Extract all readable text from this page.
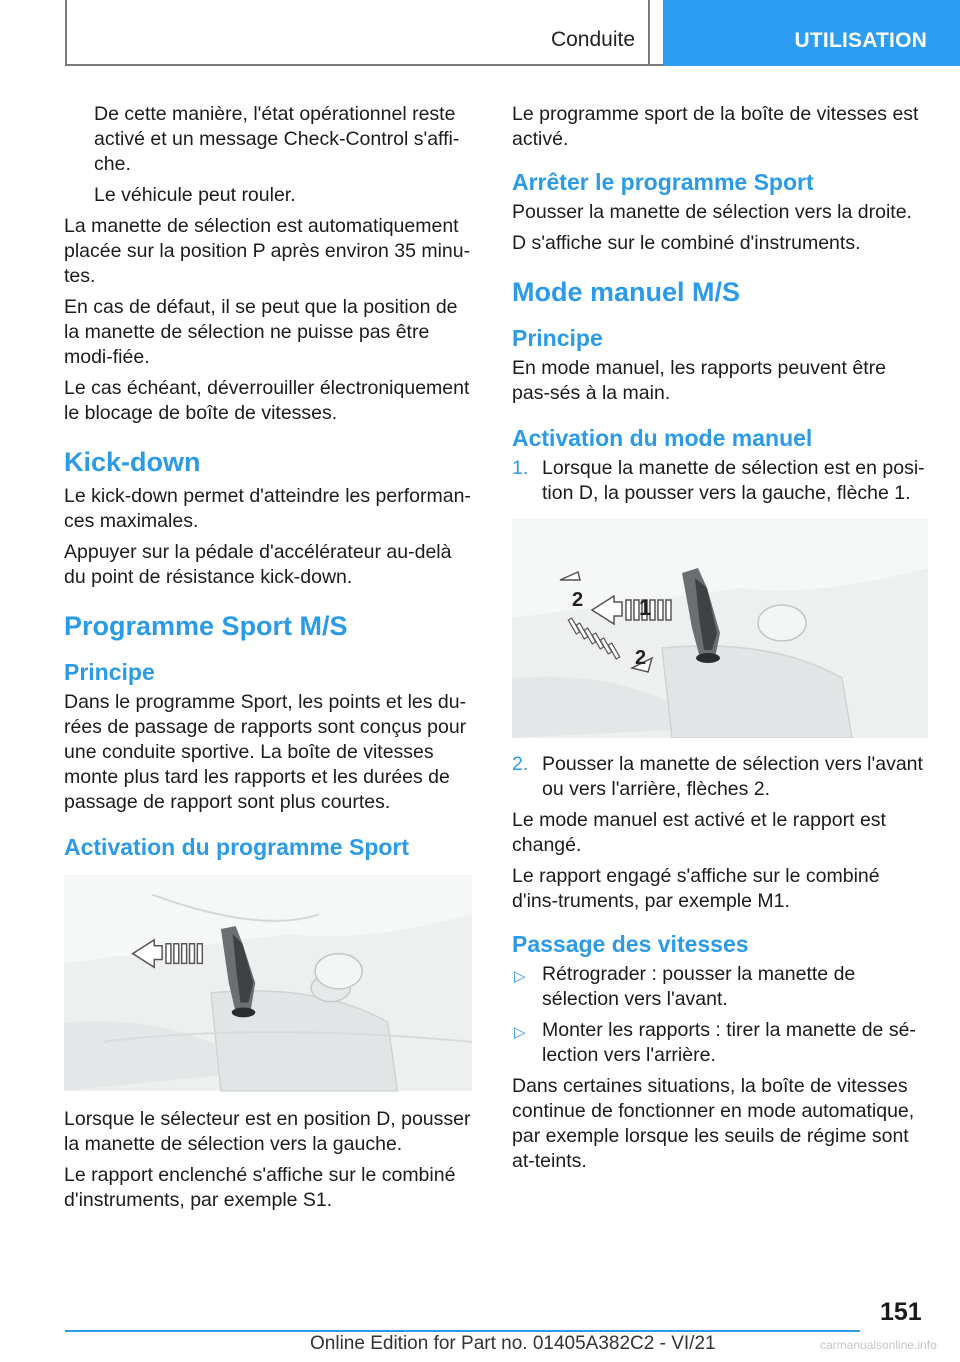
Conduite	UTILISATION

De cette manière, l'état opérationnel reste activé et un message Check-Control s'affi-che.

Le véhicule peut rouler.

La manette de sélection est automatiquement placée sur la position P après environ 35 minu-tes.

En cas de défaut, il se peut que la position de la manette de sélection ne puisse pas être modi-fiée.

Le cas échéant, déverrouiller électroniquement le blocage de boîte de vitesses.

Kick-down

Le kick-down permet d'atteindre les performan-ces maximales.

Appuyer sur la pédale d'accélérateur au-delà du point de résistance kick-down.

Programme Sport M/S
Principe

Dans le programme Sport, les points et les du-rées de passage de rapports sont conçus pour une conduite sportive. La boîte de vitesses monte plus tard les rapports et les durées de passage de rapport sont plus courtes.

Activation du programme Sport

Lorsque le sélecteur est en position D, pousser la manette de sélection vers la gauche.

Le rapport enclenché s'affiche sur le combiné d'instruments, par exemple S1.

Le programme sport de la boîte de vitesses est activé.

Arrêter le programme Sport

Pousser la manette de sélection vers la droite.

D s'affiche sur le combiné d'instruments.

Mode manuel M/S
Principe

En mode manuel, les rapports peuvent être pas-sés à la main.

Activation du mode manuel
1. Lorsque la manette de sélection est en posi-tion D, la pousser vers la gauche, flèche 1.
1
2
2
2. Pousser la manette de sélection vers l'avant ou vers l'arrière, flèches 2.

Le mode manuel est activé et le rapport est changé.

Le rapport engagé s'affiche sur le combiné d'ins-truments, par exemple M1.

Passage des vitesses
▷ Rétrograder : pousser la manette de sélection vers l'avant.
▷ Monter les rapports : tirer la manette de sé-lection vers l'arrière.

Dans certaines situations, la boîte de vitesses continue de fonctionner en mode automatique, par exemple lorsque les seuils de régime sont at-teints.

151
Online Edition for Part no. 01405A382C2 - VI/21	carmanualsonline.info
